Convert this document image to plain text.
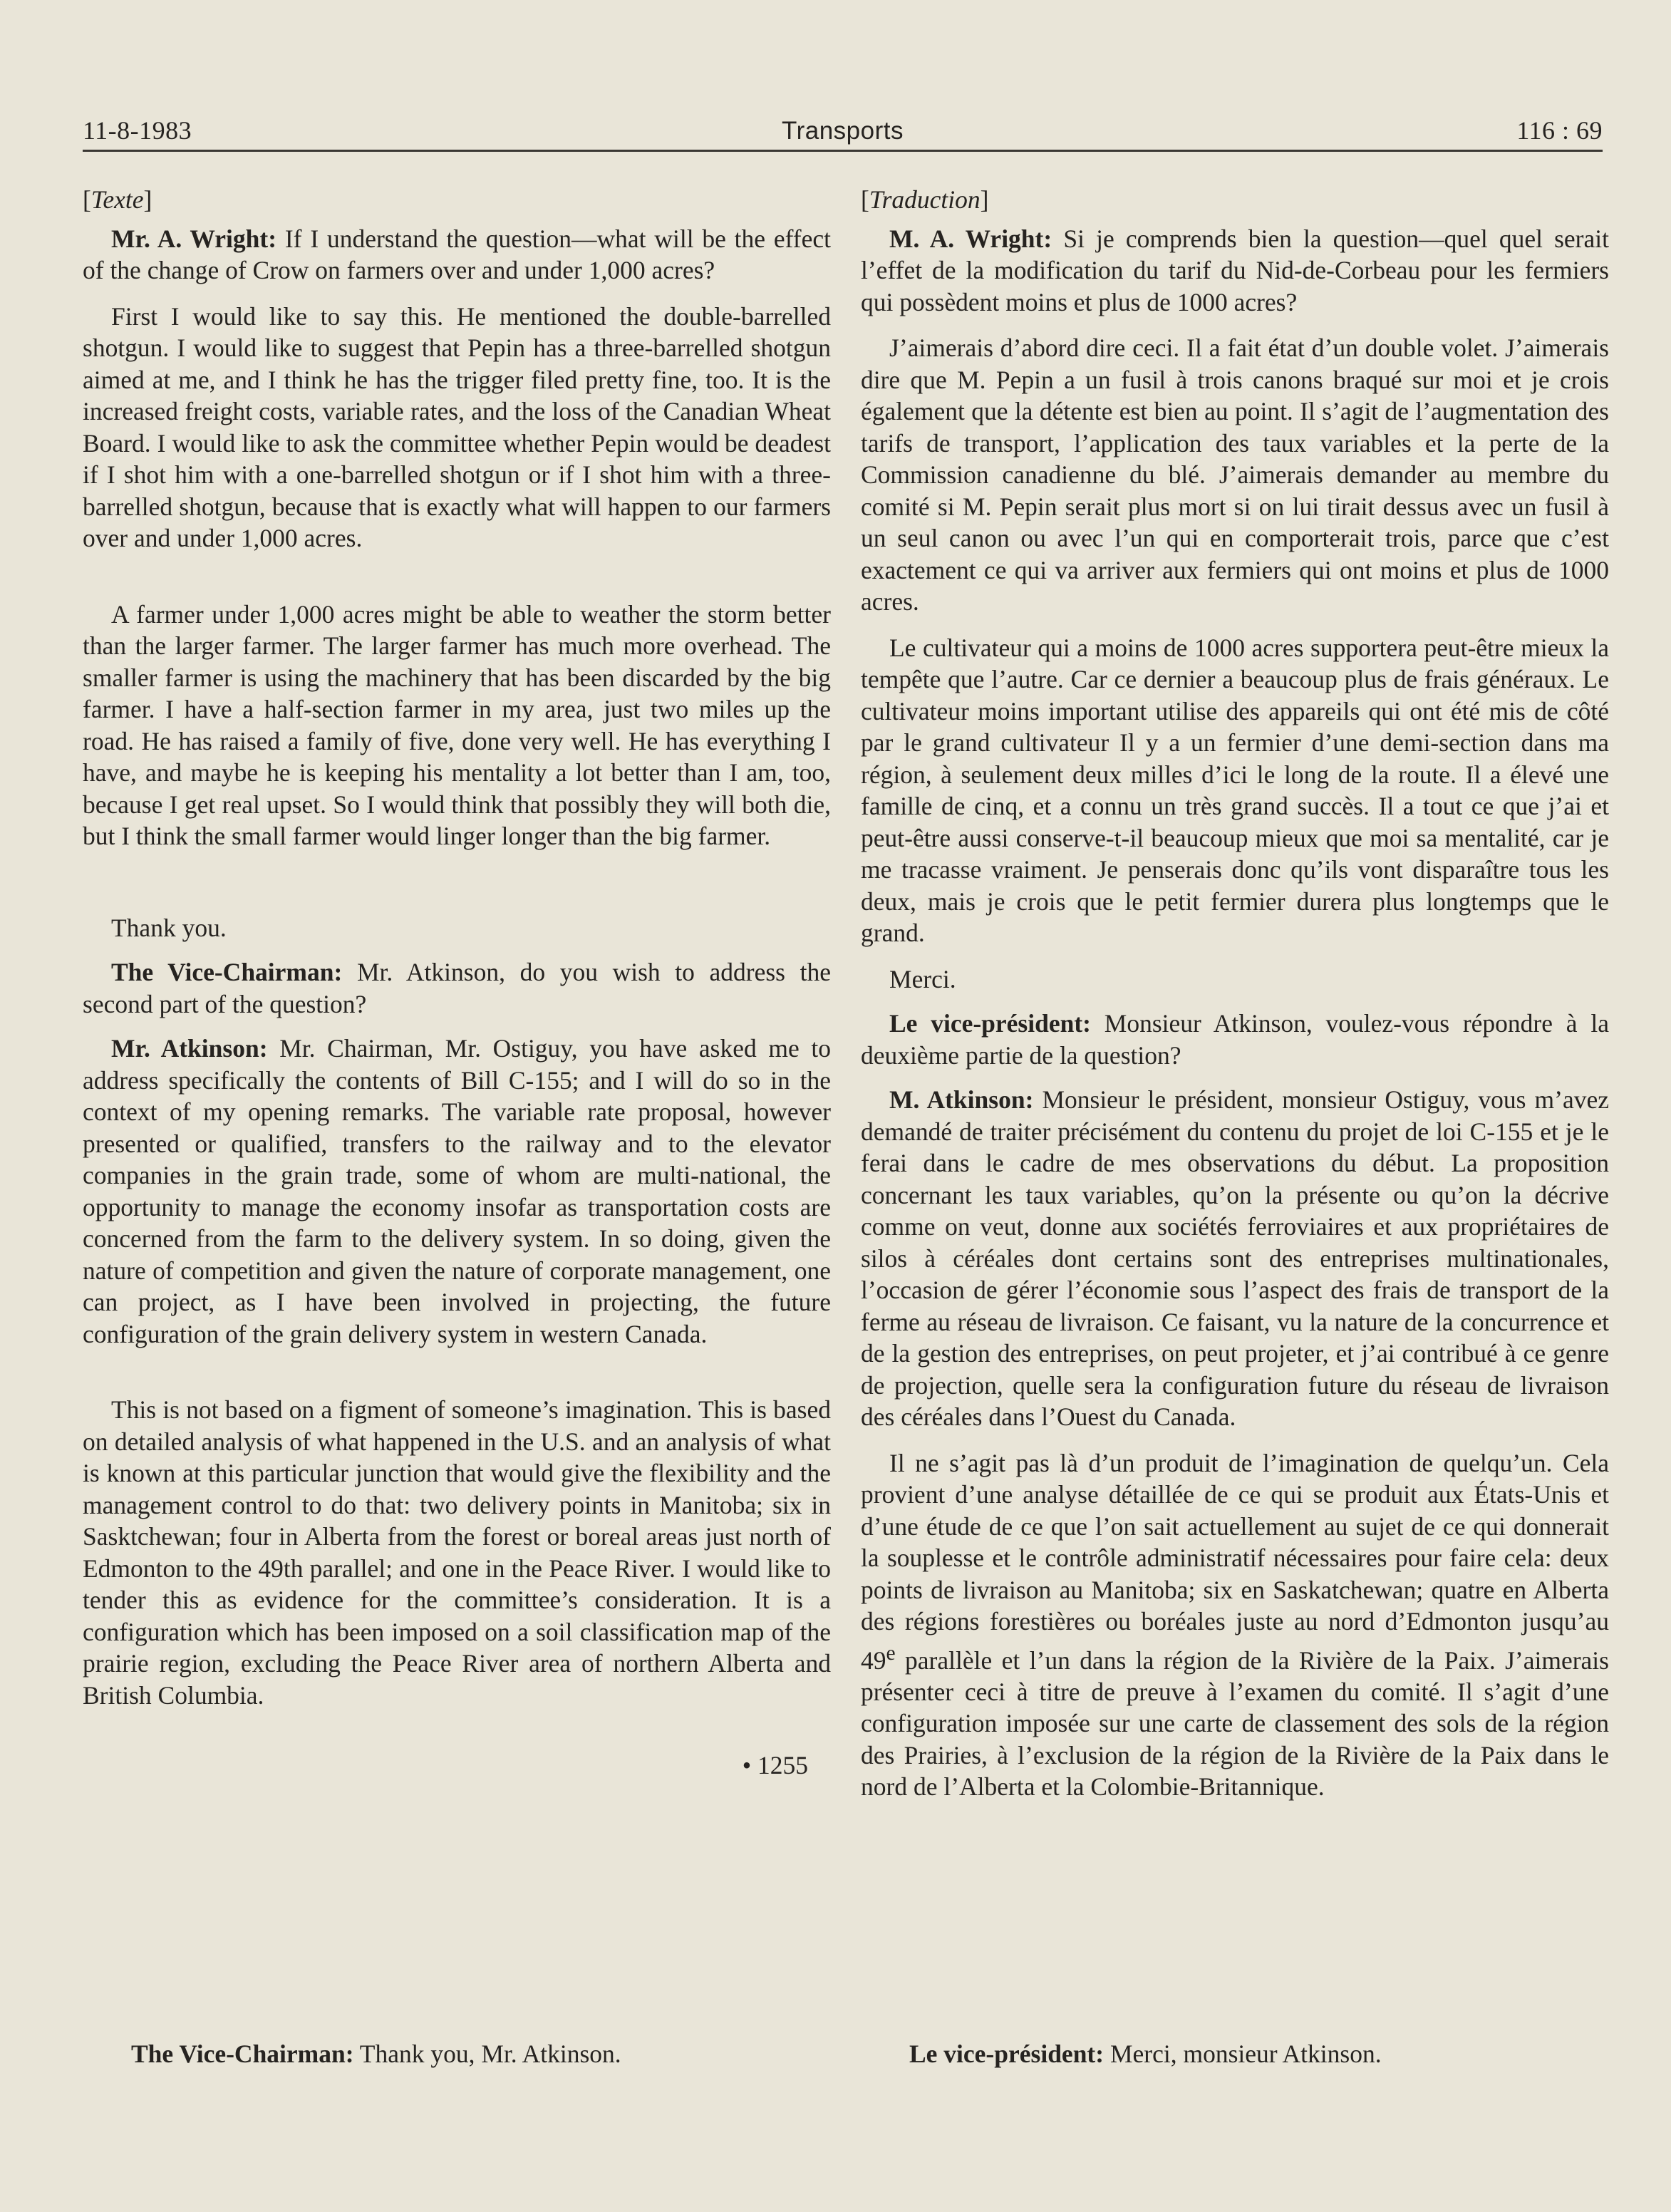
11-8-1983	Transports	116 : 69

[Texte]

Mr. A. Wright: If I understand the question—what will be the effect of the change of Crow on farmers over and under 1,000 acres?

First I would like to say this. He mentioned the double-barrelled shotgun. I would like to suggest that Pepin has a three-barrelled shotgun aimed at me, and I think he has the trigger filed pretty fine, too. It is the increased freight costs, variable rates, and the loss of the Canadian Wheat Board. I would like to ask the committee whether Pepin would be deadest if I shot him with a one-barrelled shotgun or if I shot him with a three-barrelled shotgun, because that is exactly what will happen to our farmers over and under 1,000 acres.

A farmer under 1,000 acres might be able to weather the storm better than the larger farmer. The larger farmer has much more overhead. The smaller farmer is using the machinery that has been discarded by the big farmer. I have a half-section farmer in my area, just two miles up the road. He has raised a family of five, done very well. He has everything I have, and maybe he is keeping his mentality a lot better than I am, too, because I get real upset. So I would think that possibly they will both die, but I think the small farmer would linger longer than the big farmer.

Thank you.

The Vice-Chairman: Mr. Atkinson, do you wish to address the second part of the question?

Mr. Atkinson: Mr. Chairman, Mr. Ostiguy, you have asked me to address specifically the contents of Bill C-155; and I will do so in the context of my opening remarks. The variable rate proposal, however presented or qualified, transfers to the railway and to the elevator companies in the grain trade, some of whom are multi-national, the opportunity to manage the economy insofar as transportation costs are concerned from the farm to the delivery system. In so doing, given the nature of competition and given the nature of corporate management, one can project, as I have been involved in projecting, the future configuration of the grain delivery system in western Canada.

This is not based on a figment of someone’s imagination. This is based on detailed analysis of what happened in the U.S. and an analysis of what is known at this particular junction that would give the flexibility and the management control to do that: two delivery points in Manitoba; six in Sasktchewan; four in Alberta from the forest or boreal areas just north of Edmonton to the 49th parallel; and one in the Peace River. I would like to tender this as evidence for the committee’s consideration. It is a configuration which has been imposed on a soil classification map of the prairie region, excluding the Peace River area of northern Alberta and British Columbia.

• 1255

[Traduction]

M. A. Wright: Si je comprends bien la question—quel quel serait l’effet de la modification du tarif du Nid-de-Corbeau pour les fermiers qui possèdent moins et plus de 1000 acres?

J’aimerais d’abord dire ceci. Il a fait état d’un double volet. J’aimerais dire que M. Pepin a un fusil à trois canons braqué sur moi et je crois également que la détente est bien au point. Il s’agit de l’augmentation des tarifs de transport, l’application des taux variables et la perte de la Commission canadienne du blé. J’aimerais demander au membre du comité si M. Pepin serait plus mort si on lui tirait dessus avec un fusil à un seul canon ou avec l’un qui en comporterait trois, parce que c’est exactement ce qui va arriver aux fermiers qui ont moins et plus de 1000 acres.

Le cultivateur qui a moins de 1000 acres supportera peut-être mieux la tempête que l’autre. Car ce dernier a beaucoup plus de frais généraux. Le cultivateur moins important utilise des appareils qui ont été mis de côté par le grand cultivateur Il y a un fermier d’une demi-section dans ma région, à seulement deux milles d’ici le long de la route. Il a élevé une famille de cinq, et a connu un très grand succès. Il a tout ce que j’ai et peut-être aussi conserve-t-il beaucoup mieux que moi sa mentalité, car je me tracasse vraiment. Je penserais donc qu’ils vont disparaître tous les deux, mais je crois que le petit fermier durera plus longtemps que le grand.

Merci.

Le vice-président: Monsieur Atkinson, voulez-vous répondre à la deuxième partie de la question?

M. Atkinson: Monsieur le président, monsieur Ostiguy, vous m’avez demandé de traiter précisément du contenu du projet de loi C-155 et je le ferai dans le cadre de mes observations du début. La proposition concernant les taux variables, qu’on la présente ou qu’on la décrive comme on veut, donne aux sociétés ferroviaires et aux propriétaires de silos à céréales dont certains sont des entreprises multinationales, l’occasion de gérer l’économie sous l’aspect des frais de transport de la ferme au réseau de livraison. Ce faisant, vu la nature de la concurrence et de la gestion des entreprises, on peut projeter, et j’ai contribué à ce genre de projection, quelle sera la configuration future du réseau de livraison des céréales dans l’Ouest du Canada.

Il ne s’agit pas là d’un produit de l’imagination de quelqu’un. Cela provient d’une analyse détaillée de ce qui se produit aux États-Unis et d’une étude de ce que l’on sait actuellement au sujet de ce qui donnerait la souplesse et le contrôle administratif nécessaires pour faire cela: deux points de livraison au Manitoba; six en Saskatchewan; quatre en Alberta des régions forestières ou boréales juste au nord d’Edmonton jusqu’au 49e parallèle et l’un dans la région de la Rivière de la Paix. J’aimerais présenter ceci à titre de preuve à l’examen du comité. Il s’agit d’une configuration imposée sur une carte de classement des sols de la région des Prairies, à l’exclusion de la région de la Rivière de la Paix dans le nord de l’Alberta et la Colombie-Britannique.

The Vice-Chairman: Thank you, Mr. Atkinson.	Le vice-président: Merci, monsieur Atkinson.
